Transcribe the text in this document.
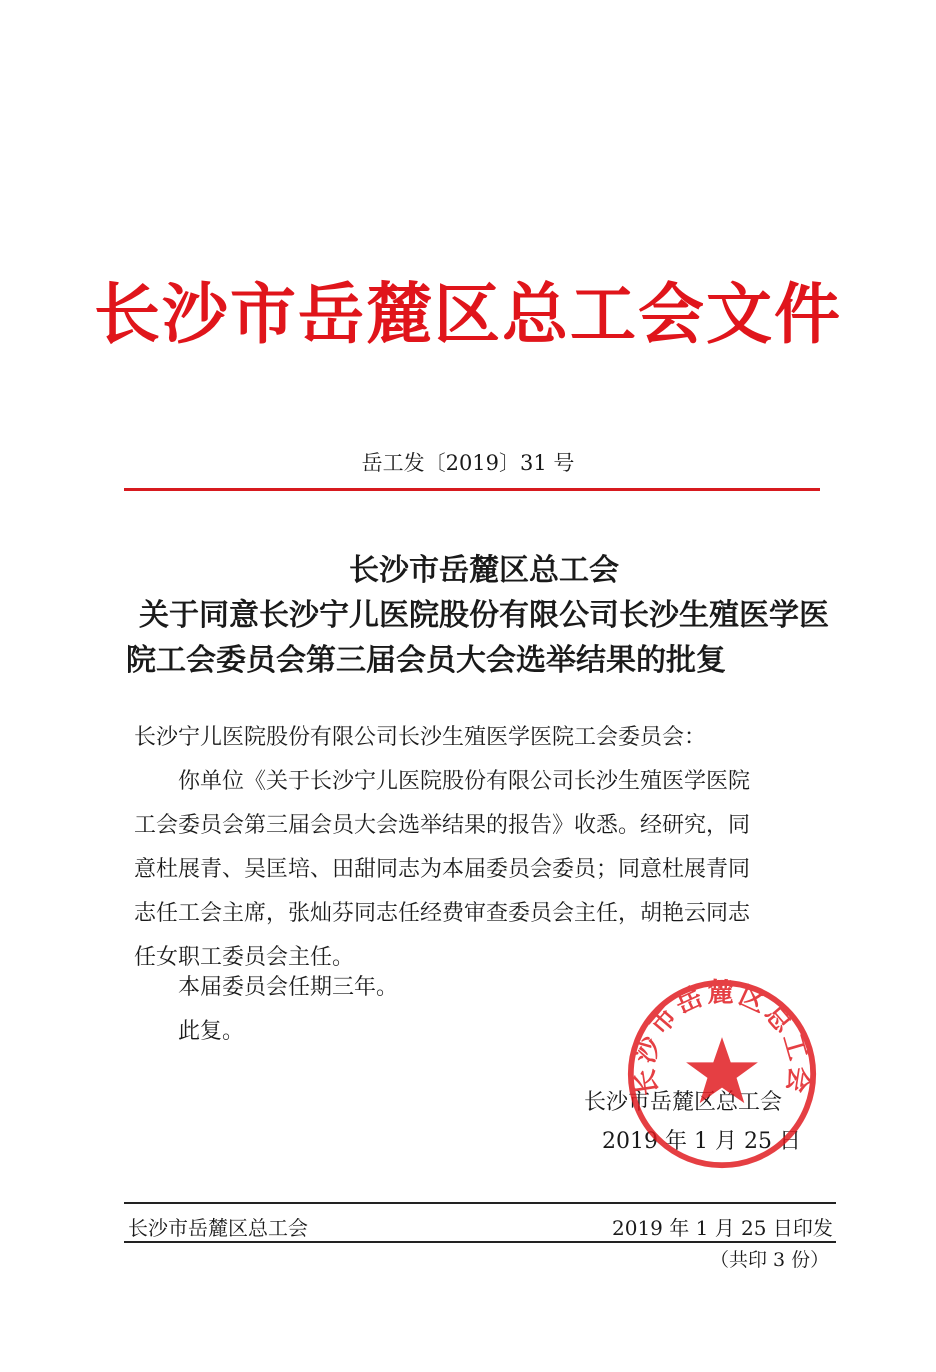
长沙市岳麓区总工会文件
岳工发〔2019〕31 号
长沙市岳麓区总工会
关于同意长沙宁儿医院股份有限公司长沙生殖医学医
院工会委员会第三届会员大会选举结果的批复
长沙宁儿医院股份有限公司长沙生殖医学医院工会委员会：
你单位《关于长沙宁儿医院股份有限公司长沙生殖医学医院
工会委员会第三届会员大会选举结果的报告》收悉。经研究，同
意杜展青、吴匡培、田甜同志为本届委员会委员；同意杜展青同
志任工会主席，张灿芬同志任经费审查委员会主任，胡艳云同志
任女职工委员会主任。
本届委员会任期三年。
此复。
长沙市岳麓区总工会
2019 年 1 月 25 日
长沙市岳麓区总工会
长沙市岳麓区总工会	2019 年 1 月 25 日印发
（共印 3 份）
